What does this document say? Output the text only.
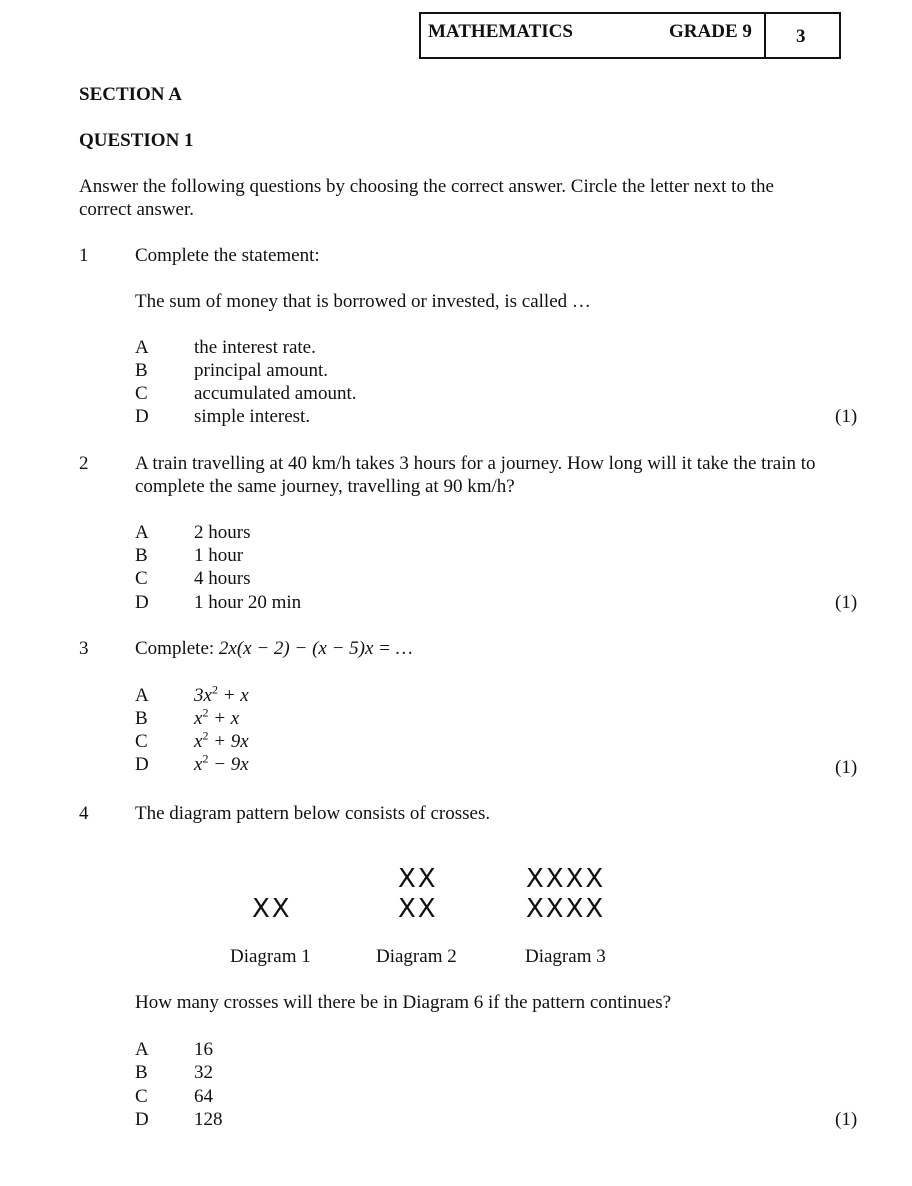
MATHEMATICS	GRADE 9 3
SECTION A
QUESTION 1
Answer the following questions by choosing the correct answer. Circle the letter next to the
correct answer.
1 Complete the statement:
The sum of money that is borrowed or invested, is called …
A the interest rate.
B principal amount.
C accumulated amount.
D simple interest.	(1)
2 A train travelling at 40 km/h takes 3 hours for a journey. How long will it take the train to
complete the same journey, travelling at 90 km/h?
A 2 hours
B 1 hour
C 4 hours
D 1 hour 20 min	(1)
3 Complete: 2x(x − 2) − (x − 5)x = …
A $3x^2 + x$
B $x^2 + x$
C $x^2 + 9x$
D $x^2 - 9x$	(1)
4 The diagram pattern below consists of crosses.
XX
XX
XX
XXXX
XXXX
Diagram 1	Diagram 2	Diagram 3
How many crosses will there be in Diagram 6 if the pattern continues?
A 16
B 32
C 64
D 128	(1)
